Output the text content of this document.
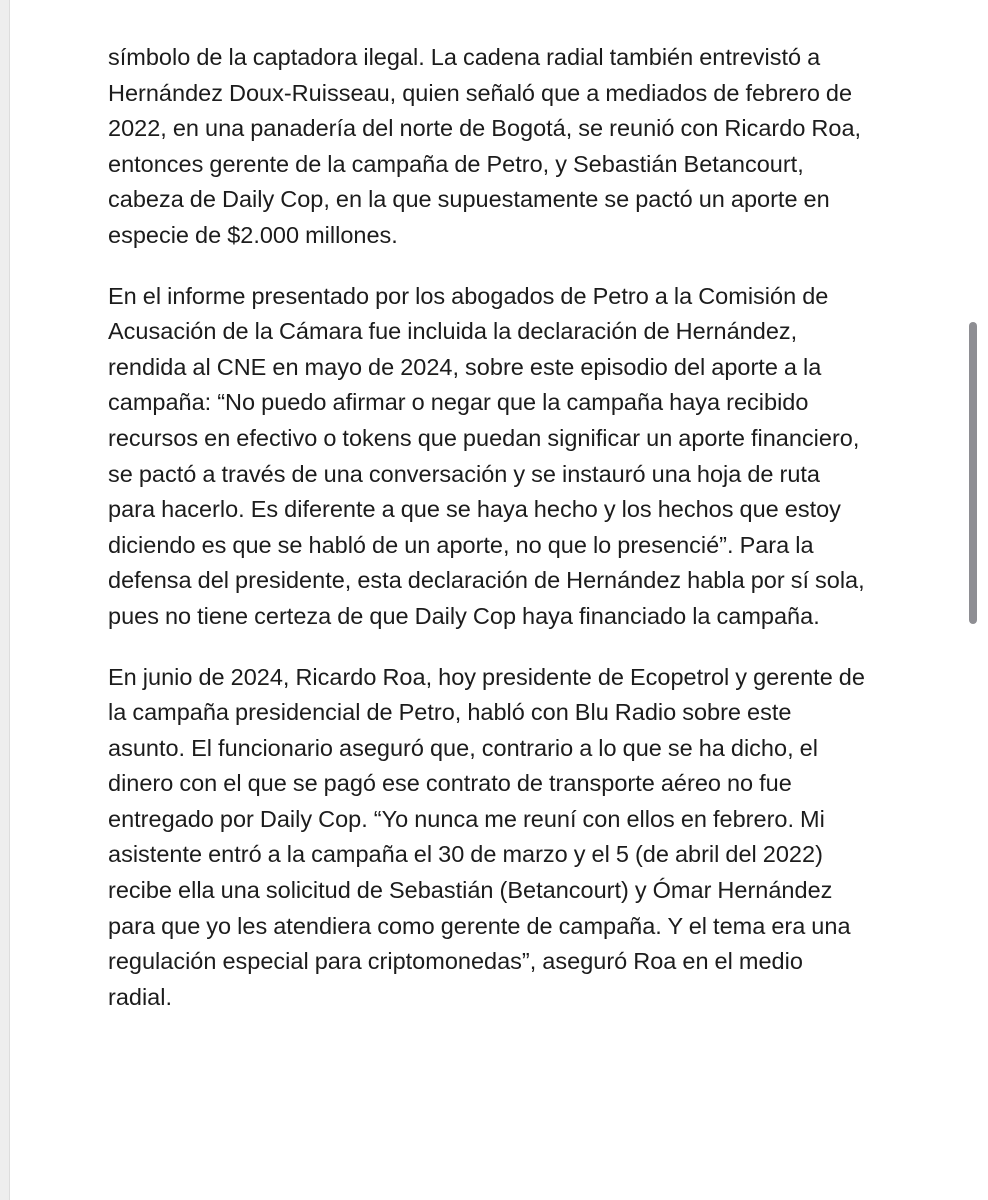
símbolo de la captadora ilegal. La cadena radial también entrevistó a Hernández Doux-Ruisseau, quien señaló que a mediados de febrero de 2022, en una panadería del norte de Bogotá, se reunió con Ricardo Roa, entonces gerente de la campaña de Petro, y Sebastián Betancourt, cabeza de Daily Cop, en la que supuestamente se pactó un aporte en especie de $2.000 millones.

En el informe presentado por los abogados de Petro a la Comisión de Acusación de la Cámara fue incluida la declaración de Hernández, rendida al CNE en mayo de 2024, sobre este episodio del aporte a la campaña: “No puedo afirmar o negar que la campaña haya recibido recursos en efectivo o tokens que puedan significar un aporte financiero, se pactó a través de una conversación y se instauró una hoja de ruta para hacerlo. Es diferente a que se haya hecho y los hechos que estoy diciendo es que se habló de un aporte, no que lo presencié”. Para la defensa del presidente, esta declaración de Hernández habla por sí sola, pues no tiene certeza de que Daily Cop haya financiado la campaña.

En junio de 2024, Ricardo Roa, hoy presidente de Ecopetrol y gerente de la campaña presidencial de Petro, habló con Blu Radio sobre este asunto. El funcionario aseguró que, contrario a lo que se ha dicho, el dinero con el que se pagó ese contrato de transporte aéreo no fue entregado por Daily Cop. “Yo nunca me reuní con ellos en febrero. Mi asistente entró a la campaña el 30 de marzo y el 5 (de abril del 2022) recibe ella una solicitud de Sebastián (Betancourt) y Ómar Hernández para que yo les atendiera como gerente de campaña. Y el tema era una regulación especial para criptomonedas”, aseguró Roa en el medio radial.
